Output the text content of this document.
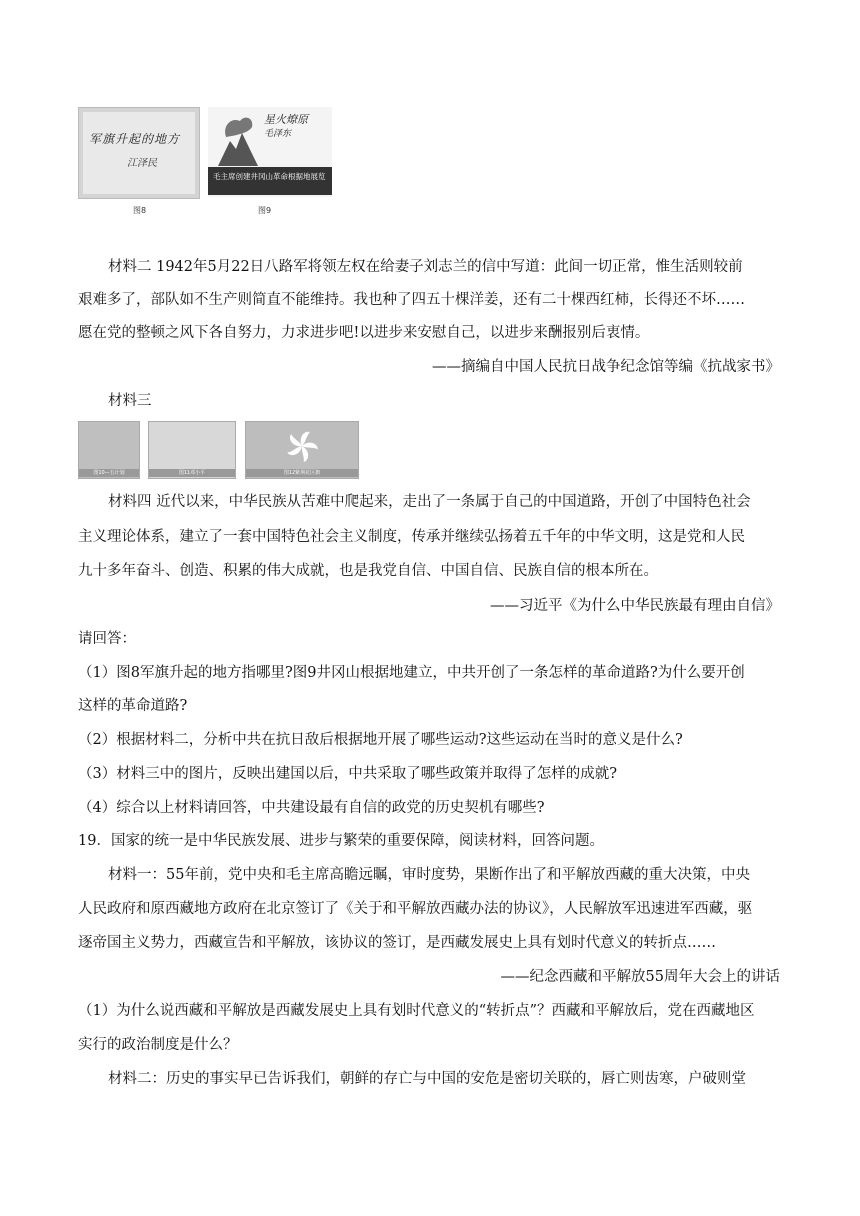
军旗升起的地方
江泽民
图8
星火燎原
毛泽东
毛主席创建井冈山革命根据地展览
图9
材料二 1942年5月22日八路军将领左权在给妻子刘志兰的信中写道：此间一切正常，惟生活则较前
艰难多了，部队如不生产则简直不能维持。我也种了四五十棵洋姜，还有二十棵西红柿，长得还不坏……
愿在党的整顿之风下各自努力，力求进步吧!以进步来安慰自己，以进步来酬报别后衷情。
——摘编自中国人民抗日战争纪念馆等编《抗战家书》
材料三
图10—五计划	图11邓小平	图12紫荆花区旗
材料四 近代以来，中华民族从苦难中爬起来，走出了一条属于自己的中国道路，开创了中国特色社会
主义理论体系，建立了一套中国特色社会主义制度，传承并继续弘扬着五千年的中华文明，这是党和人民
九十多年奋斗、创造、积累的伟大成就，也是我党自信、中国自信、民族自信的根本所在。
——习近平《为什么中华民族最有理由自信》
请回答：
（1）图8军旗升起的地方指哪里?图9井冈山根据地建立，中共开创了一条怎样的革命道路?为什么要开创
这样的革命道路?
（2）根据材料二，分析中共在抗日敌后根据地开展了哪些运动?这些运动在当时的意义是什么?
（3）材料三中的图片，反映出建国以后，中共采取了哪些政策并取得了怎样的成就?
（4）综合以上材料请回答，中共建设最有自信的政党的历史契机有哪些?
19．国家的统一是中华民族发展、进步与繁荣的重要保障，阅读材料，回答问题。
材料一：55年前，党中央和毛主席高瞻远瞩，审时度势，果断作出了和平解放西藏的重大决策，中央
人民政府和原西藏地方政府在北京签订了《关于和平解放西藏办法的协议》，人民解放军迅速进军西藏，驱
逐帝国主义势力，西藏宣告和平解放，该协议的签订，是西藏发展史上具有划时代意义的转折点……
——纪念西藏和平解放55周年大会上的讲话
（1）为什么说西藏和平解放是西藏发展史上具有划时代意义的“转折点”？西藏和平解放后，党在西藏地区
实行的政治制度是什么？
材料二：历史的事实早已告诉我们，朝鲜的存亡与中国的安危是密切关联的，唇亡则齿寒，户破则堂
